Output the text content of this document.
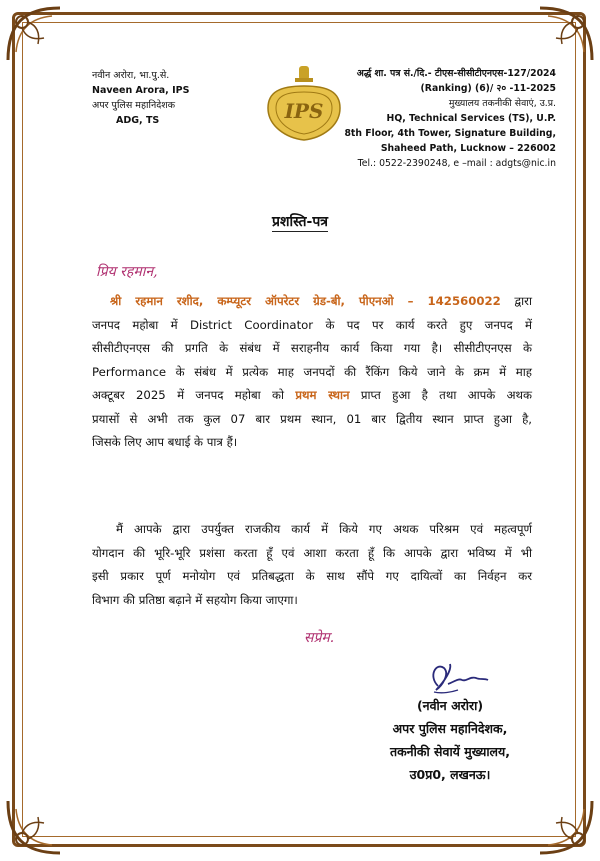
नवीन अरोरा, भा.पु.से.
Naveen Arora, IPS
अपर पुलिस महानिदेशक
ADG, TS	IPS
अर्द्ध शा. पत्र सं./दि.- टीएस-सीसीटीएनएस-127/2024
(Ranking) (6)/ २० -11-2025
मुख्यालय तकनीकी सेवाएं, उ.प्र.
HQ, Technical Services (TS), U.P.
8th Floor, 4th Tower, Signature Building,
Shaheed Path, Lucknow – 226002
Tel.: 0522-2390248, e –mail : adgts@nic.in
प्रशस्ति-पत्र
प्रिय रहमान,
श्री रहमान रशीद, कम्प्यूटर ऑपरेटर ग्रेड-बी, पीएनओ – 142560022 द्वारा
जनपद महोबा में District Coordinator के पद पर कार्य करते हुए जनपद में
सीसीटीएनएस की प्रगति के संबंध में सराहनीय कार्य किया गया है। सीसीटीएनएस के
Performance के संबंध में प्रत्येक माह जनपदों की रैंकिंग किये जाने के क्रम में माह
अक्टूबर 2025 में जनपद महोबा को प्रथम स्थान प्राप्त हुआ है तथा आपके अथक
प्रयासों से अभी तक कुल 07 बार प्रथम स्थान, 01 बार द्वितीय स्थान प्राप्त हुआ है,
जिसके लिए आप बधाई के पात्र हैं।
मैं आपके द्वारा उपर्युक्त राजकीय कार्य में किये गए अथक परिश्रम एवं महत्वपूर्ण
योगदान की भूरि-भूरि प्रशंसा करता हूँ एवं आशा करता हूँ कि आपके द्वारा भविष्य में भी
इसी प्रकार पूर्ण मनोयोग एवं प्रतिबद्धता के साथ सौंपे गए दायित्वों का निर्वहन कर
विभाग की प्रतिष्ठा बढ़ाने में सहयोग किया जाएगा।
सप्रेम.
(नवीन अरोरा)
अपर पुलिस महानिदेशक,
तकनीकी सेवायें मुख्यालय,
उ0प्र0, लखनऊ।
